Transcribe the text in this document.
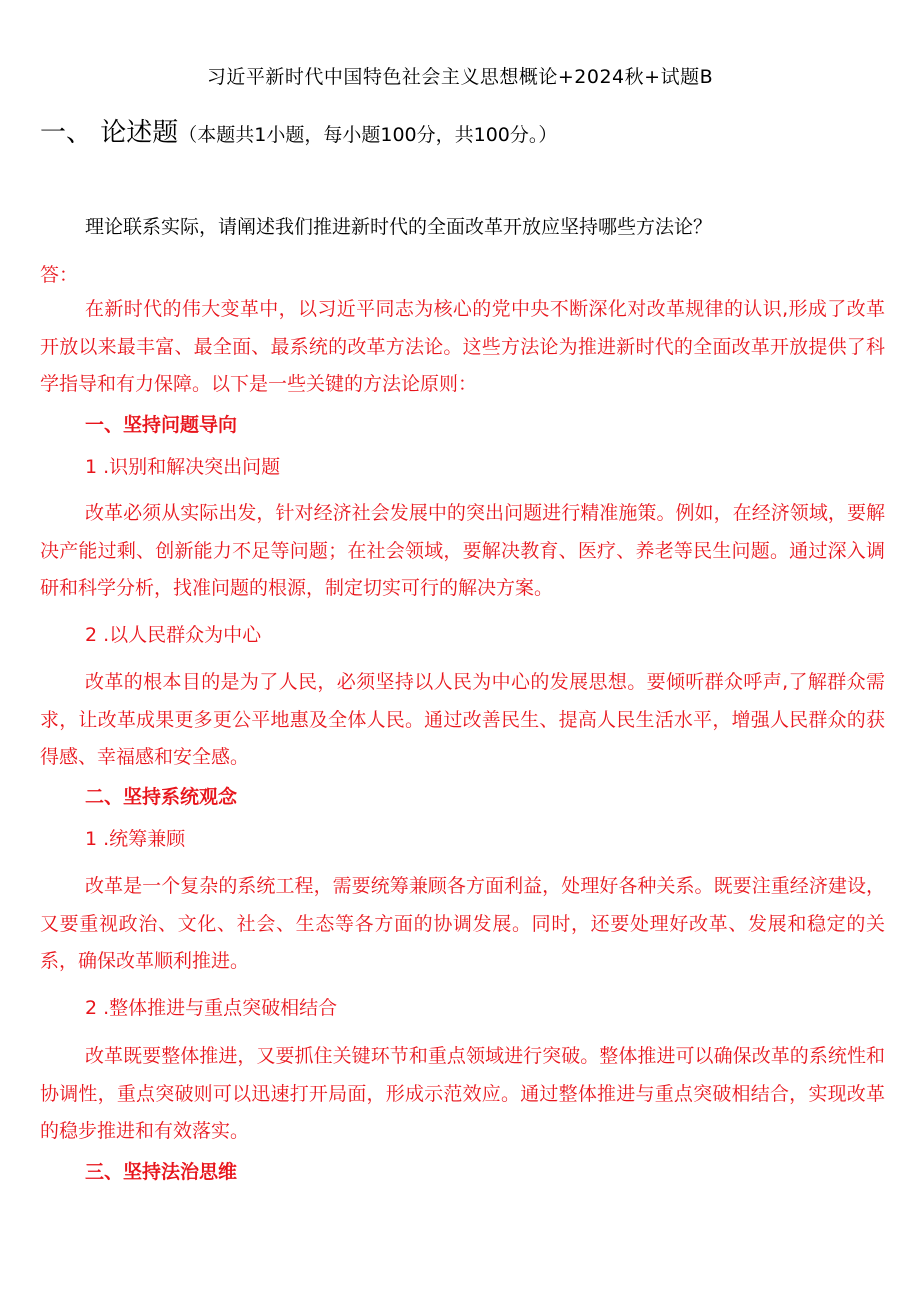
习近平新时代中国特色社会主义思想概论+2024秋+试题B
一、 论述题（本题共1小题，每小题100分，共100分。）
理论联系实际，请阐述我们推进新时代的全面改革开放应坚持哪些方法论？
答：

在新时代的伟大变革中，以习近平同志为核心的党中央不断深化对改革规律的认识,形成了改革开放以来最丰富、最全面、最系统的改革方法论。这些方法论为推进新时代的全面改革开放提供了科学指导和有力保障。以下是一些关键的方法论原则：

一、坚持问题导向
1 .识别和解决突出问题

改革必须从实际出发，针对经济社会发展中的突出问题进行精准施策。例如，在经济领域，要解决产能过剩、创新能力不足等问题；在社会领域，要解决教育、医疗、养老等民生问题。通过深入调研和科学分析，找准问题的根源，制定切实可行的解决方案。

2 .以人民群众为中心

改革的根本目的是为了人民，必须坚持以人民为中心的发展思想。要倾听群众呼声,了解群众需求，让改革成果更多更公平地惠及全体人民。通过改善民生、提高人民生活水平，增强人民群众的获得感、幸福感和安全感。

二、坚持系统观念
1 .统筹兼顾

改革是一个复杂的系统工程，需要统筹兼顾各方面利益，处理好各种关系。既要注重经济建设，又要重视政治、文化、社会、生态等各方面的协调发展。同时，还要处理好改革、发展和稳定的关系，确保改革顺利推进。

2 .整体推进与重点突破相结合

改革既要整体推进，又要抓住关键环节和重点领域进行突破。整体推进可以确保改革的系统性和协调性，重点突破则可以迅速打开局面，形成示范效应。通过整体推进与重点突破相结合，实现改革的稳步推进和有效落实。

三、坚持法治思维
